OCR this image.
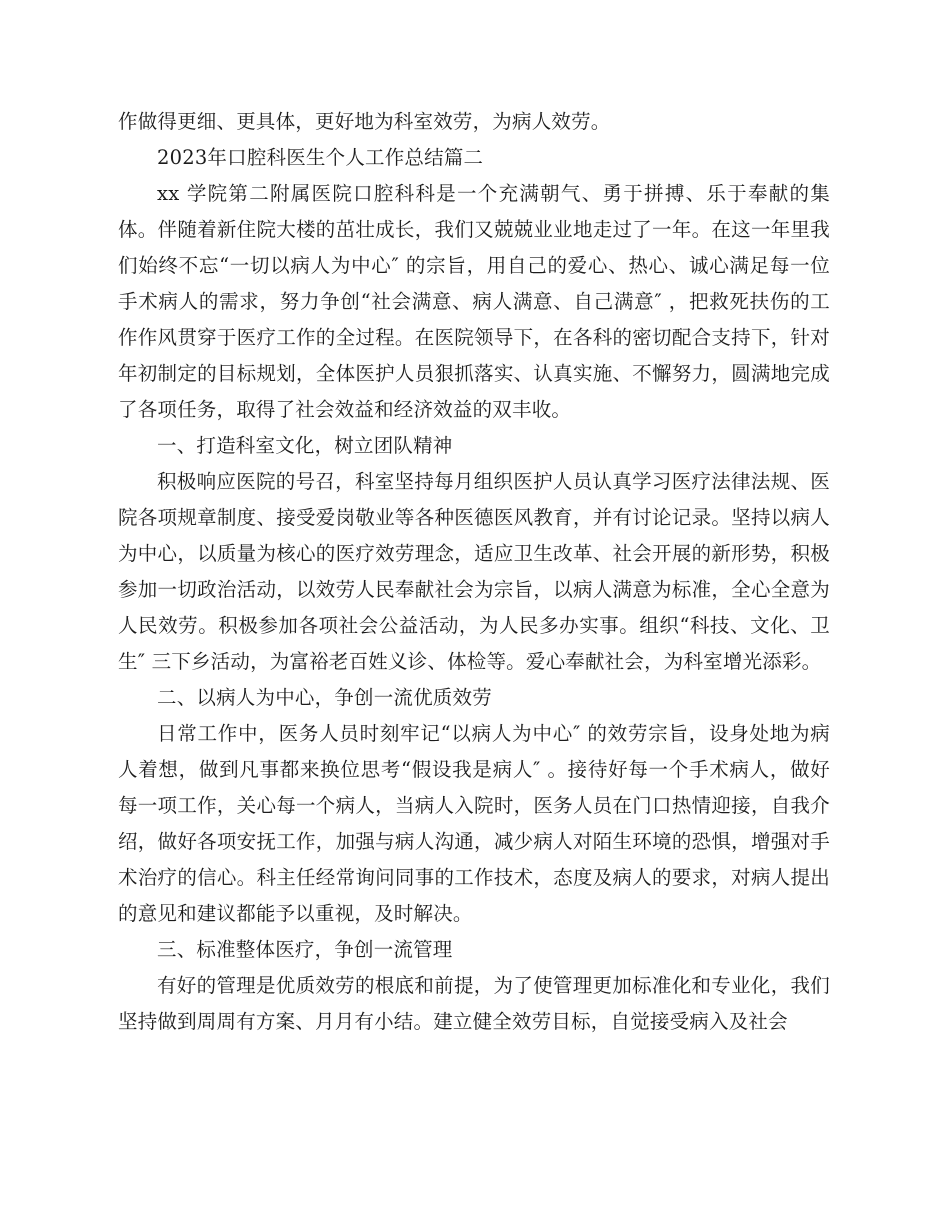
作做得更细、更具体，更好地为科室效劳，为病人效劳。

2023年口腔科医生个人工作总结篇二

xx 学院第二附属医院口腔科科是一个充满朝气、勇于拼搏、乐于奉献的集体。伴随着新住院大楼的茁壮成长，我们又兢兢业业地走过了一年。在这一年里我们始终不忘“一切以病人为中心″ 的宗旨，用自己的爱心、热心、诚心满足每一位手术病人的需求，努力争创“社会满意、病人满意、自己满意″ ，把救死扶伤的工作作风贯穿于医疗工作的全过程。在医院领导下，在各科的密切配合支持下，针对年初制定的目标规划，全体医护人员狠抓落实、认真实施、不懈努力，圆满地完成了各项任务，取得了社会效益和经济效益的双丰收。

一、打造科室文化，树立团队精神

积极响应医院的号召，科室坚持每月组织医护人员认真学习医疗法律法规、医院各项规章制度、接受爱岗敬业等各种医德医风教育，并有讨论记录。坚持以病人为中心，以质量为核心的医疗效劳理念，适应卫生改革、社会开展的新形势，积极参加一切政治活动，以效劳人民奉献社会为宗旨，以病人满意为标准，全心全意为人民效劳。积极参加各项社会公益活动，为人民多办实事。组织“科技、文化、卫生″ 三下乡活动，为富裕老百姓义诊、体检等。爱心奉献社会，为科室增光添彩。

二、以病人为中心，争创一流优质效劳

日常工作中，医务人员时刻牢记“以病人为中心″ 的效劳宗旨，设身处地为病人着想，做到凡事都来换位思考“假设我是病人″ 。接待好每一个手术病人，做好每一项工作，关心每一个病人，当病人入院时，医务人员在门口热情迎接，自我介绍，做好各项安抚工作，加强与病人沟通，减少病人对陌生环境的恐惧，增强对手术治疗的信心。科主任经常询问同事的工作技术，态度及病人的要求，对病人提出的意见和建议都能予以重视，及时解决。

三、标准整体医疗，争创一流管理

有好的管理是优质效劳的根底和前提，为了使管理更加标准化和专业化，我们坚持做到周周有方案、月月有小结。建立健全效劳目标，自觉接受病入及社会
